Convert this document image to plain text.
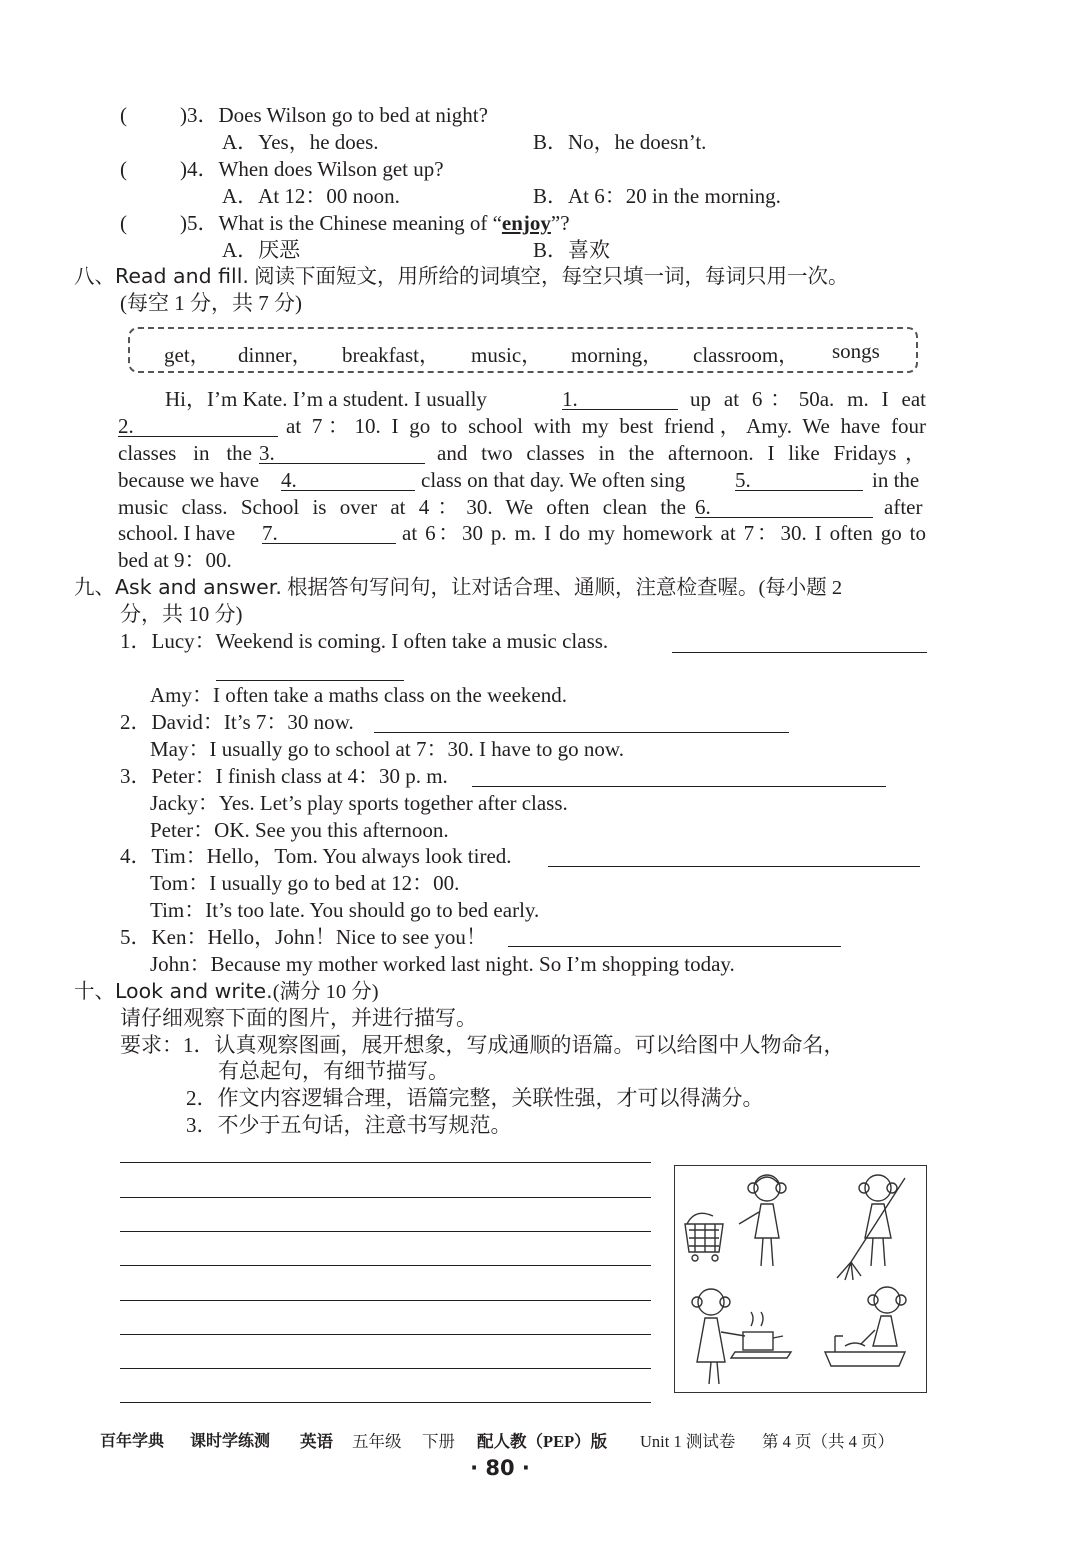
(	)3．Does Wilson go to bed at night?
A．Yes，he does.	B．No，he doesn’t.
(	)4．When does Wilson get up?
A．At 12：00 noon.	B．At 6：20 in the morning.
(	)5．What is the Chinese meaning of “enjoy”?
A．厌恶	B．喜欢
八、Read and fill. 阅读下面短文，用所给的词填空，每空只填一词，每词只用一次。
(每空 1 分，共 7 分)
get， dinner， breakfast， music， morning， classroom， songs
Hi，I’m Kate. I’m a student. I usually	1.	up at 6：50a. m. I eat
2.	at 7：10. I go to school with my best friend，Amy. We have four
classes in the 3.	and two classes in the afternoon. I like Fridays，
because we have 4.	class on that day. We often sing 5.	in the
music class. School is over at 4：30. We often clean the 6.	after
school. I have 7.	at 6：30 p. m. I do my homework at 7：30. I often go to
bed at 9：00.
九、Ask and answer. 根据答句写问句，让对话合理、通顺，注意检查喔。(每小题 2
分，共 10 分)
1．Lucy：Weekend is coming. I often take a music class.
Amy：I often take a maths class on the weekend.
2．David：It’s 7：30 now.
May：I usually go to school at 7：30. I have to go now.
3．Peter：I finish class at 4：30 p. m.
Jacky：Yes. Let’s play sports together after class.
Peter：OK. See you this afternoon.
4．Tim：Hello，Tom. You always look tired.
Tom：I usually go to bed at 12：00.
Tim：It’s too late. You should go to bed early.
5．Ken：Hello，John！Nice to see you！
John：Because my mother worked last night. So I’m shopping today.
十、Look and write.(满分 10 分)
请仔细观察下面的图片，并进行描写。
要求：1．认真观察图画，展开想象，写成通顺的语篇。可以给图中人物命名，
有总起句，有细节描写。
2．作文内容逻辑合理，语篇完整，关联性强，才可以得满分。
3．不少于五句话，注意书写规范。
百年学典 课时学练测 英语 五年级 下册 配人教（PEP）版 Unit 1 测试卷 第 4 页（共 4 页）
· 80 ·
